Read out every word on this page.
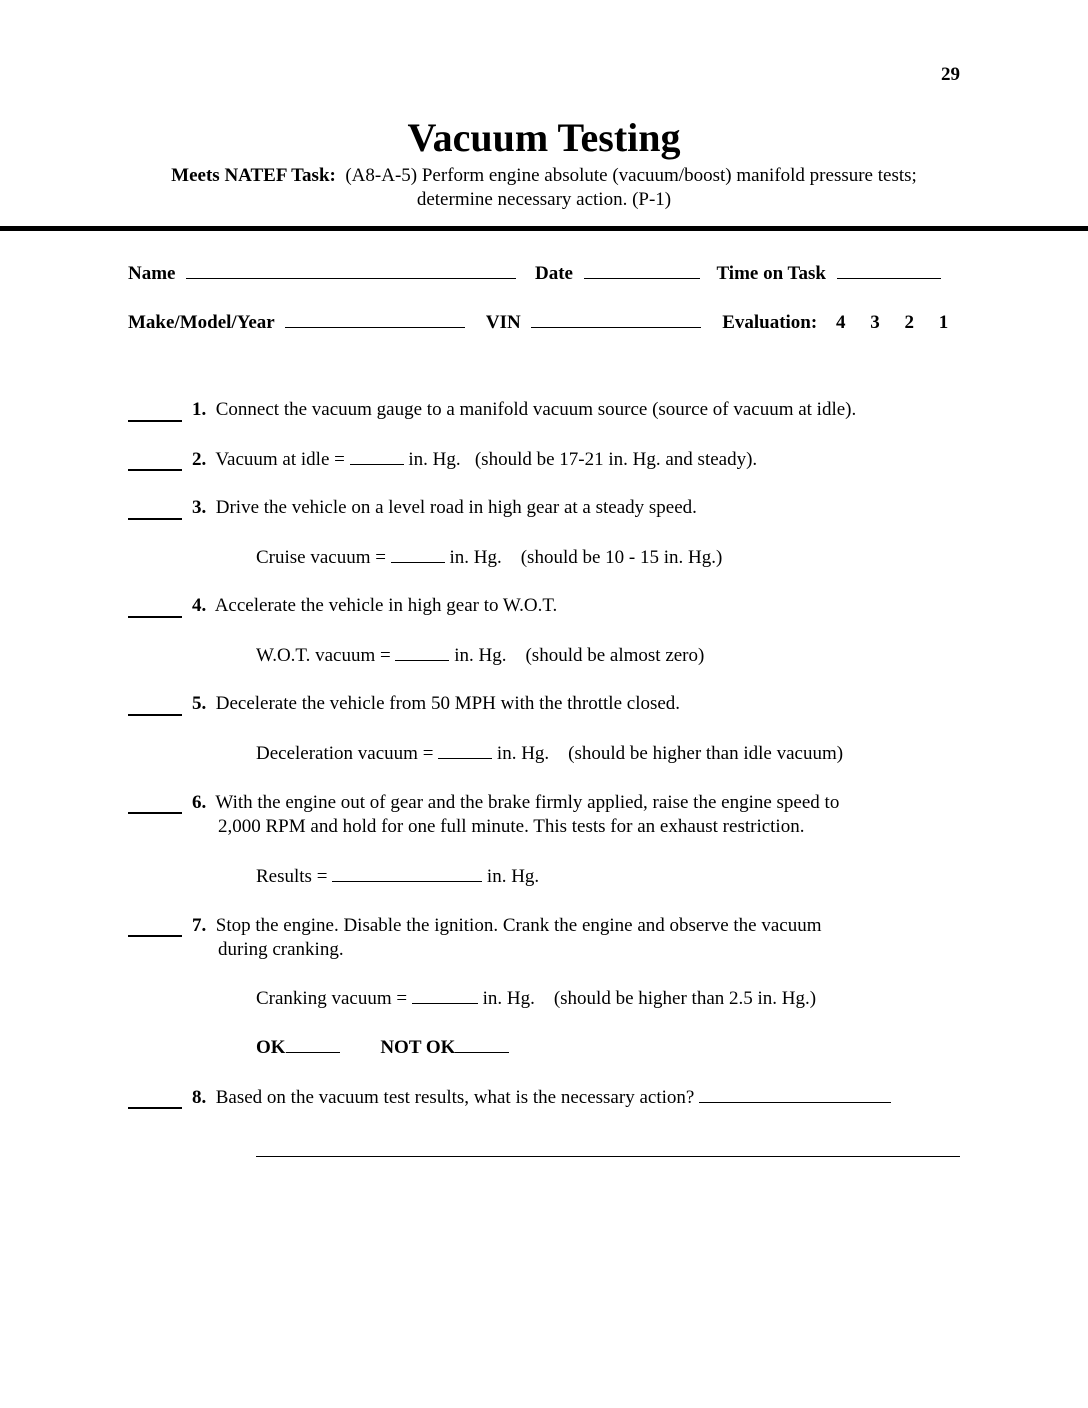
29
Vacuum Testing
Meets NATEF Task: (A8-A-5) Perform engine absolute (vacuum/boost) manifold pressure tests;
determine necessary action. (P-1)
Name	Date	Time on Task
Make/Model/Year	VIN	Evaluation: 4 3 2 1
1. Connect the vacuum gauge to a manifold vacuum source (source of vacuum at idle).
2. Vacuum at idle =	in. Hg.   (should be 17-21 in. Hg. and steady).
3. Drive the vehicle on a level road in high gear at a steady speed.
Cruise vacuum =	in. Hg.    (should be 10 - 15 in. Hg.)
4. Accelerate the vehicle in high gear to W.O.T.
W.O.T. vacuum =	in. Hg.    (should be almost zero)
5. Decelerate the vehicle from 50 MPH with the throttle closed.
Deceleration vacuum =	in. Hg.    (should be higher than idle vacuum)
6. With the engine out of gear and the brake firmly applied, raise the engine speed to
2,000 RPM and hold for one full minute. This tests for an exhaust restriction.
Results =	in. Hg.
7. Stop the engine. Disable the ignition. Crank the engine and observe the vacuum
during cranking.
Cranking vacuum =	in. Hg.    (should be higher than 2.5 in. Hg.)
OK	NOT OK
8. Based on the vacuum test results, what is the necessary action?
